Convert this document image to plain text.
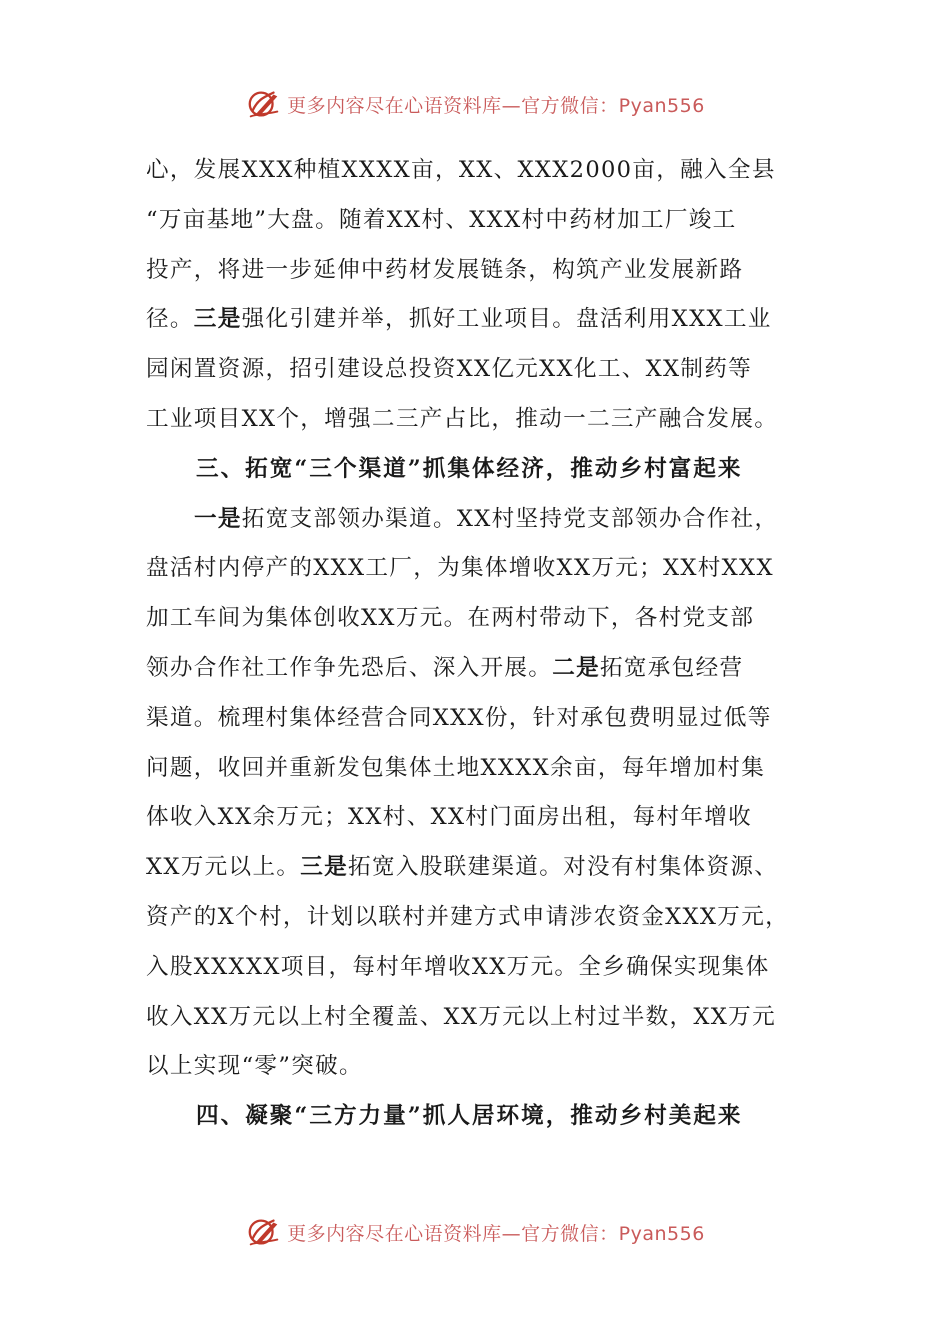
更多内容尽在心语资料库—官方微信：Pyan556
心，发展XXX种植XXXX亩，XX、XXX2000亩，融入全县
“万亩基地”大盘。随着XX村、XXX村中药材加工厂竣工
投产，将进一步延伸中药材发展链条，构筑产业发展新路
径。三是强化引建并举，抓好工业项目。盘活利用XXX工业
园闲置资源，招引建设总投资XX亿元XX化工、XX制药等
工业项目XX个，增强二三产占比，推动一二三产融合发展。
三、拓宽“三个渠道”抓集体经济，推动乡村富起来
一是拓宽支部领办渠道。XX村坚持党支部领办合作社，
盘活村内停产的XXX工厂，为集体增收XX万元；XX村XXX
加工车间为集体创收XX万元。在两村带动下，各村党支部
领办合作社工作争先恐后、深入开展。二是拓宽承包经营
渠道。梳理村集体经营合同XXX份，针对承包费明显过低等
问题，收回并重新发包集体土地XXXX余亩，每年增加村集
体收入XX余万元；XX村、XX村门面房出租，每村年增收
XX万元以上。三是拓宽入股联建渠道。对没有村集体资源、
资产的X个村，计划以联村并建方式申请涉农资金XXX万元，
入股XXXXX项目，每村年增收XX万元。全乡确保实现集体
收入XX万元以上村全覆盖、XX万元以上村过半数，XX万元
以上实现“零”突破。
四、凝聚“三方力量”抓人居环境，推动乡村美起来
更多内容尽在心语资料库—官方微信：Pyan556
